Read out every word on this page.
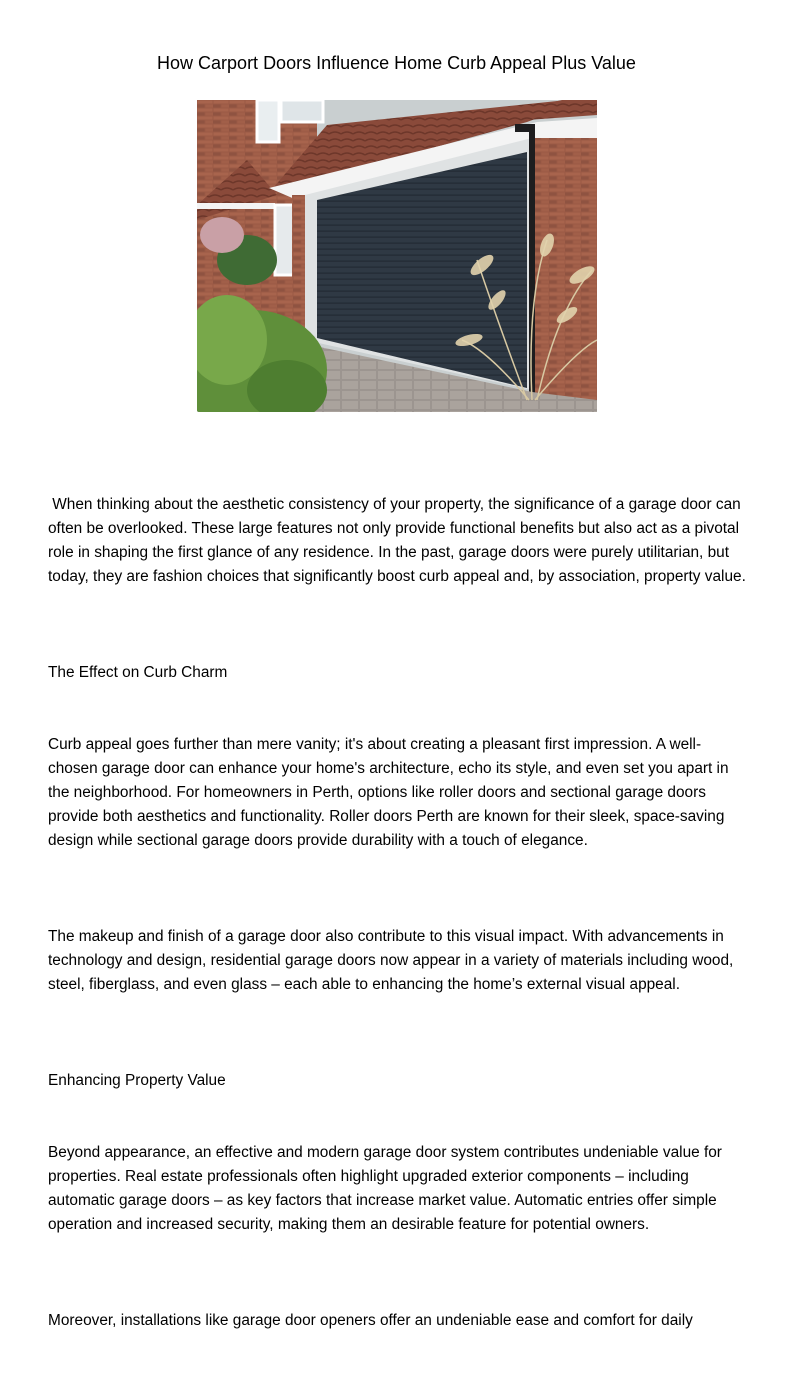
How Carport Doors Influence Home Curb Appeal Plus Value

When thinking about the aesthetic consistency of your property, the significance of a garage door can often be overlooked. These large features not only provide functional benefits but also act as a pivotal role in shaping the first glance of any residence. In the past, garage doors were purely utilitarian, but today, they are fashion choices that significantly boost curb appeal and, by association, property value.

The Effect on Curb Charm

Curb appeal goes further than mere vanity; it's about creating a pleasant first impression. A well-chosen garage door can enhance your home's architecture, echo its style, and even set you apart in the neighborhood. For homeowners in Perth, options like roller doors and sectional garage doors provide both aesthetics and functionality. Roller doors Perth are known for their sleek, space-saving design while sectional garage doors provide durability with a touch of elegance.

The makeup and finish of a garage door also contribute to this visual impact. With advancements in technology and design, residential garage doors now appear in a variety of materials including wood, steel, fiberglass, and even glass – each able to enhancing the home’s external visual appeal.

Enhancing Property Value

Beyond appearance, an effective and modern garage door system contributes undeniable value for properties. Real estate professionals often highlight upgraded exterior components – including automatic garage doors – as key factors that increase market value. Automatic entries offer simple operation and increased security, making them an desirable feature for potential owners.

Moreover, installations like garage door openers offer an undeniable ease and comfort for daily
